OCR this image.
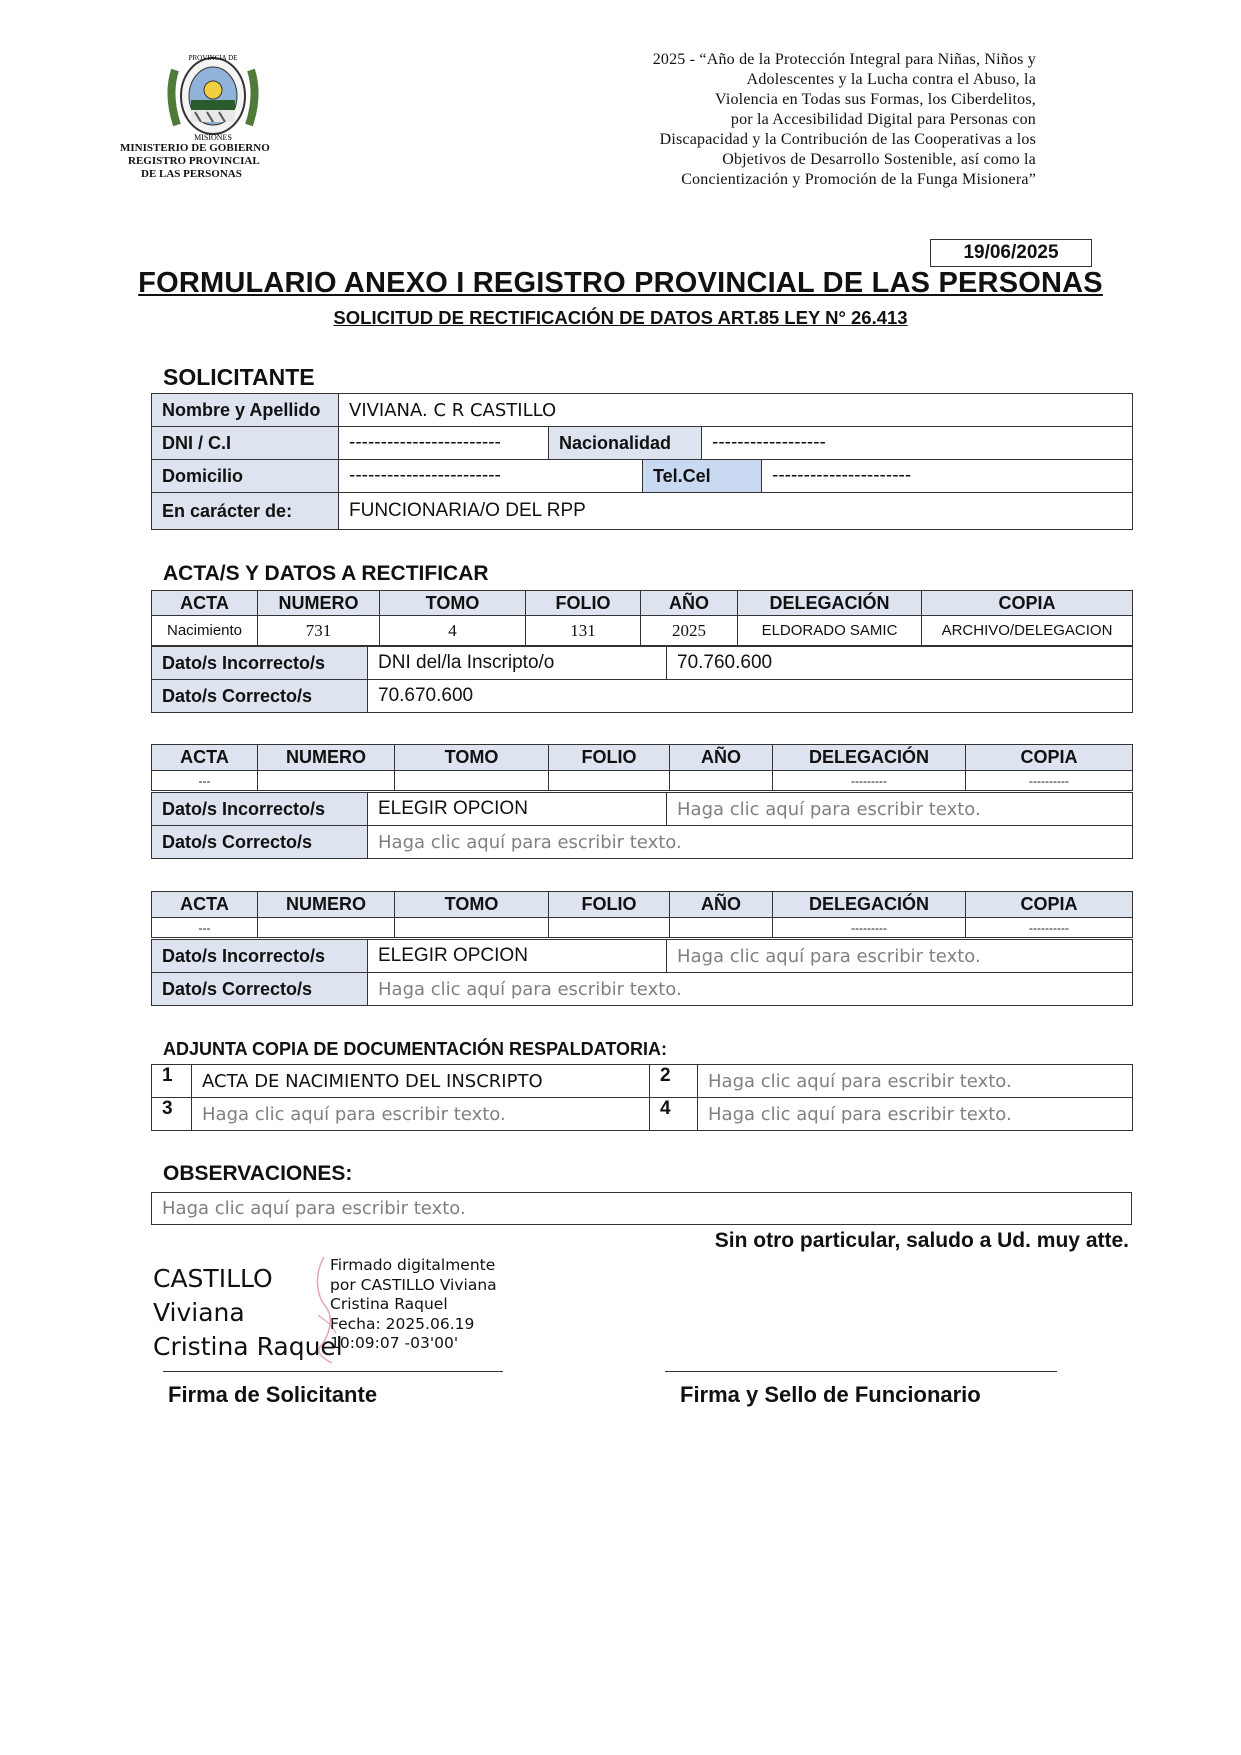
PROVINCIA DE
MISIONES
MINISTERIO DE GOBIERNO
REGISTRO PROVINCIAL
DE LAS PERSONAS
2025 - “Año de la Protección Integral para Niñas, Niños y
Adolescentes y la Lucha contra el Abuso, la
Violencia en Todas sus Formas, los Ciberdelitos,
por la Accesibilidad Digital para Personas con
Discapacidad y la Contribución de las Cooperativas a los
Objetivos de Desarrollo Sostenible, así como la
Concientización y Promoción de la Funga Misionera”
19/06/2025
FORMULARIO ANEXO I REGISTRO PROVINCIAL DE LAS PERSONAS
SOLICITUD DE RECTIFICACIÓN DE DATOS ART.85 LEY N° 26.413
SOLICITANTE
Nombre y Apellido	VIVIANA. C R CASTILLO				
DNI / C.I	------------------------	Nacionalidad		------------------	
Domicilio	------------------------		Tel.Cel		----------------------
En carácter de:	FUNCIONARIA/O DEL RPP				
ACTA/S Y DATOS A RECTIFICAR
ACTA	NUMERO	TOMO	FOLIO	AÑO	DELEGACIÓN	COPIA
Nacimiento	731	4	131	2025	ELDORADO SAMIC	ARCHIVO/DELEGACION
Dato/s Incorrecto/s	DNI del/la Inscripto/o	70.760.600
Dato/s Correcto/s	70.670.600	
ACTA	NUMERO	TOMO	FOLIO	AÑO	DELEGACIÓN	COPIA
---					---------	----------
Dato/s Incorrecto/s	ELEGIR OPCION	Haga clic aquí para escribir texto.
Dato/s Correcto/s	Haga clic aquí para escribir texto.	
ACTA	NUMERO	TOMO	FOLIO	AÑO	DELEGACIÓN	COPIA
---					---------	----------
Dato/s Incorrecto/s	ELEGIR OPCION	Haga clic aquí para escribir texto.
Dato/s Correcto/s	Haga clic aquí para escribir texto.	
ADJUNTA COPIA DE DOCUMENTACIÓN RESPALDATORIA:
1	ACTA DE NACIMIENTO DEL INSCRIPTO	2	Haga clic aquí para escribir texto.
3	Haga clic aquí para escribir texto.	4	Haga clic aquí para escribir texto.
OBSERVACIONES:
Haga clic aquí para escribir texto.
Sin otro particular, saludo a Ud. muy atte.
CASTILLO
Viviana
Cristina Raquel
Firmado digitalmente
por CASTILLO Viviana
Cristina Raquel
Fecha: 2025.06.19
10:09:07 -03'00'
Firma de Solicitante	Firma y Sello de Funcionario
